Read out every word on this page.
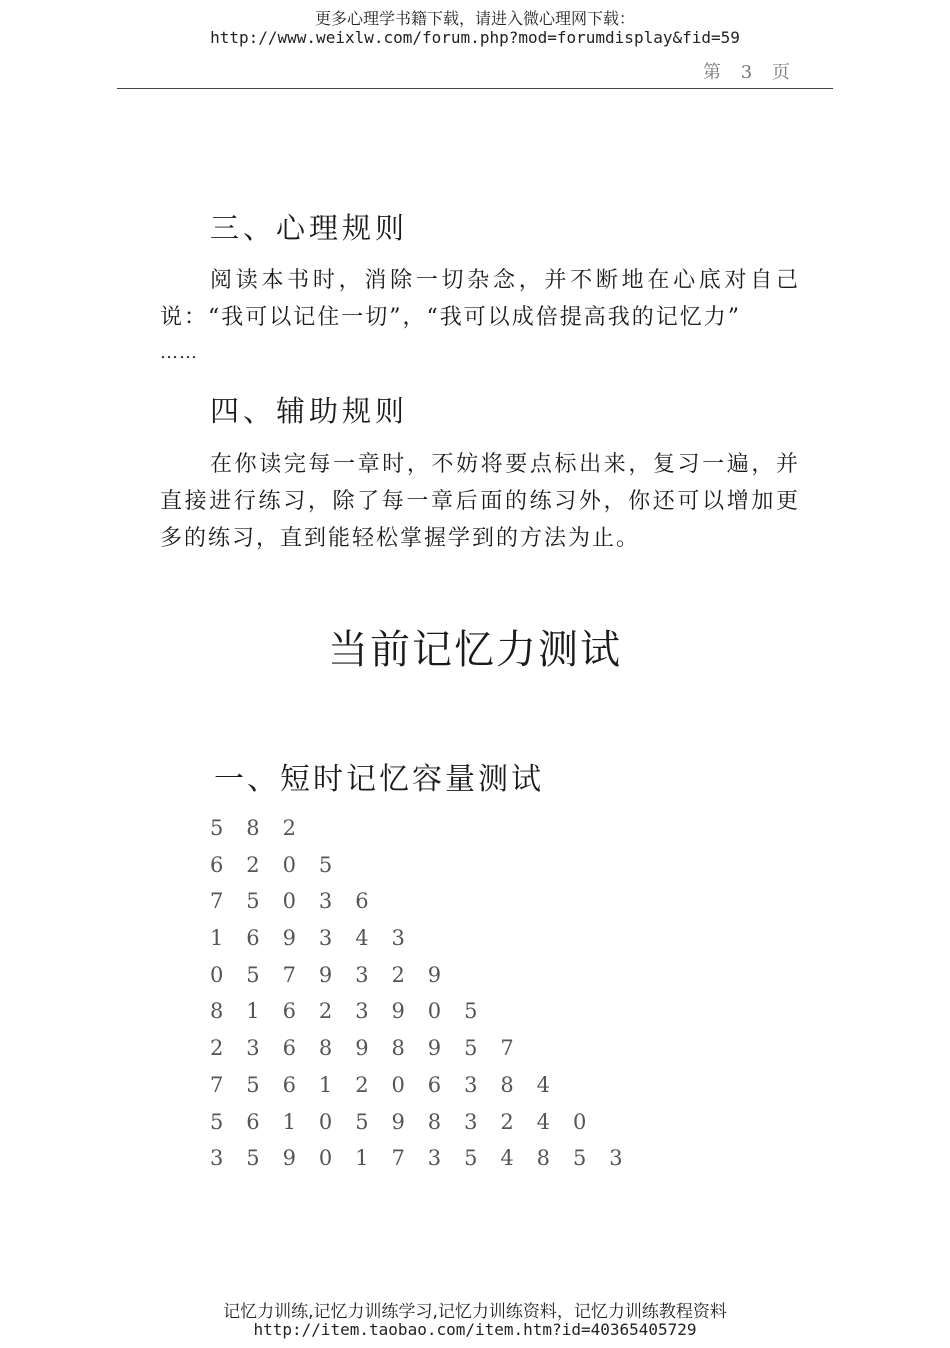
更多心理学书籍下载，请进入微心理网下载：
http://www.weixlw.com/forum.php?mod=forumdisplay&fid=59
第 3 页
三、心理规则

阅读本书时，消除一切杂念，并不断地在心底对自己说：“我可以记住一切”，“我可以成倍提高我的记忆力”

……
四、辅助规则

在你读完每一章时，不妨将要点标出来，复习一遍，并直接进行练习，除了每一章后面的练习外，你还可以增加更多的练习，直到能轻松掌握学到的方法为止。

当前记忆力测试
一、短时记忆容量测试
5	8	2
6	2	0	5
7	5	0	3	6
1	6	9	3	4	3
0	5	7	9	3	2	9
8	1	6	2	3	9	0	5
2	3	6	8	9	8	9	5	7
7	5	6	1	2	0	6	3	8	4
5	6	1	0	5	9	8	3	2	4	0
3	5	9	0	1	7	3	5	4	8	5	3
记忆力训练,记忆力训练学习,记忆力训练资料，记忆力训练教程资料
http://item.taobao.com/item.htm?id=40365405729
